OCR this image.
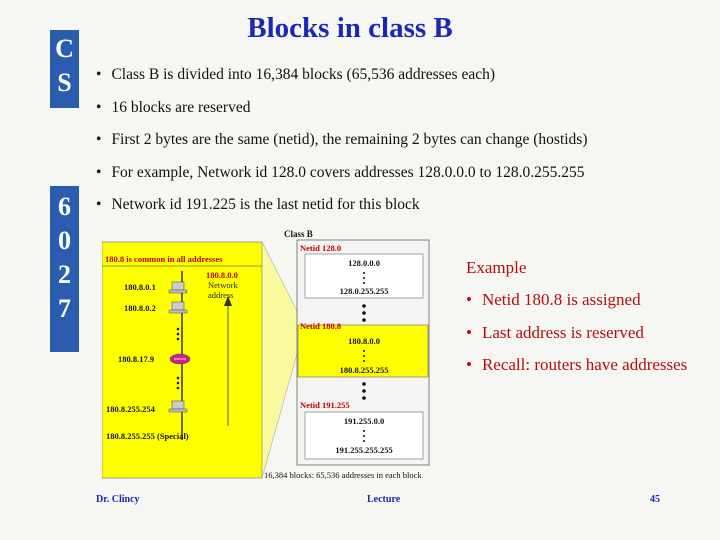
C
S
6
0
2
7
Blocks in class B
• Class B is divided into 16,384 blocks (65,536 addresses each)
• 16 blocks are reserved
• First 2 bytes are the same (netid), the remaining 2 bytes can change (hostids)
• For example, Network id 128.0 covers addresses 128.0.0.0 to 128.0.255.255
• Network id 191.225 is the last netid for this block
180.8 is common in all addresses
180.8.0.0
Network
address
180.8.0.1
180.8.0.2
180.8.17.9
180.8.255.254
180.8.255.255 (Special)
Class B
Netid 128.0
128.0.0.0
128.0.255.255
Netid 180.8
180.8.0.0
180.8.255.255
Netid 191.255
191.255.0.0
191.255.255.255
16,384 blocks: 65,536 addresses in each block
Example
• Netid 180.8 is assigned
• Last address is reserved
• Recall: routers have addresses
Dr. Clincy	Lecture	45
